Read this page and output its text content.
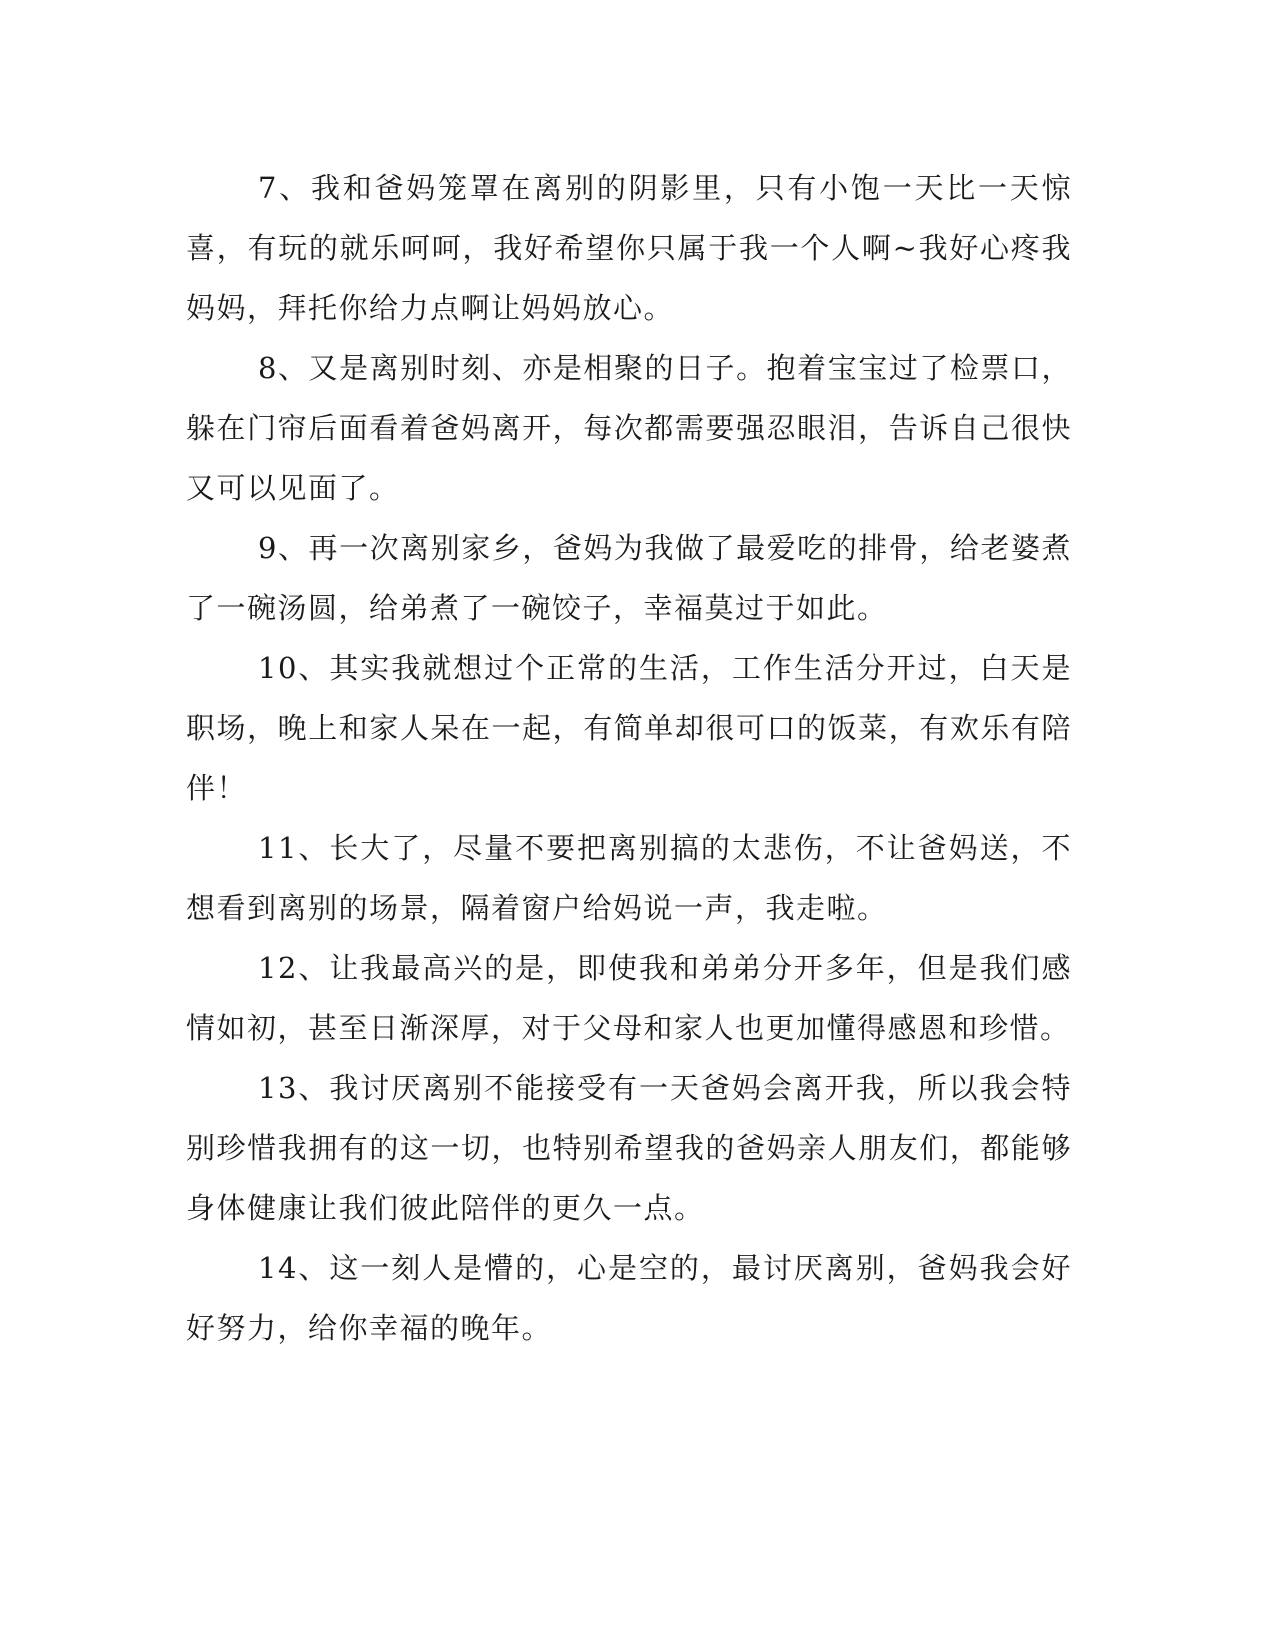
7、我和爸妈笼罩在离别的阴影里，只有小饱一天比一天惊喜，有玩的就乐呵呵，我好希望你只属于我一个人啊~我好心疼我妈妈，拜托你给力点啊让妈妈放心。

8、又是离别时刻、亦是相聚的日子。抱着宝宝过了检票口，躲在门帘后面看着爸妈离开，每次都需要强忍眼泪，告诉自己很快又可以见面了。

9、再一次离别家乡，爸妈为我做了最爱吃的排骨，给老婆煮了一碗汤圆，给弟煮了一碗饺子，幸福莫过于如此。

10、其实我就想过个正常的生活，工作生活分开过，白天是职场，晚上和家人呆在一起，有简单却很可口的饭菜，有欢乐有陪伴！

11、长大了，尽量不要把离别搞的太悲伤，不让爸妈送，不想看到离别的场景，隔着窗户给妈说一声，我走啦。

12、让我最高兴的是，即使我和弟弟分开多年，但是我们感情如初，甚至日渐深厚，对于父母和家人也更加懂得感恩和珍惜。

13、我讨厌离别不能接受有一天爸妈会离开我，所以我会特别珍惜我拥有的这一切，也特别希望我的爸妈亲人朋友们，都能够身体健康让我们彼此陪伴的更久一点。

14、这一刻人是懵的，心是空的，最讨厌离别，爸妈我会好好努力，给你幸福的晚年。
